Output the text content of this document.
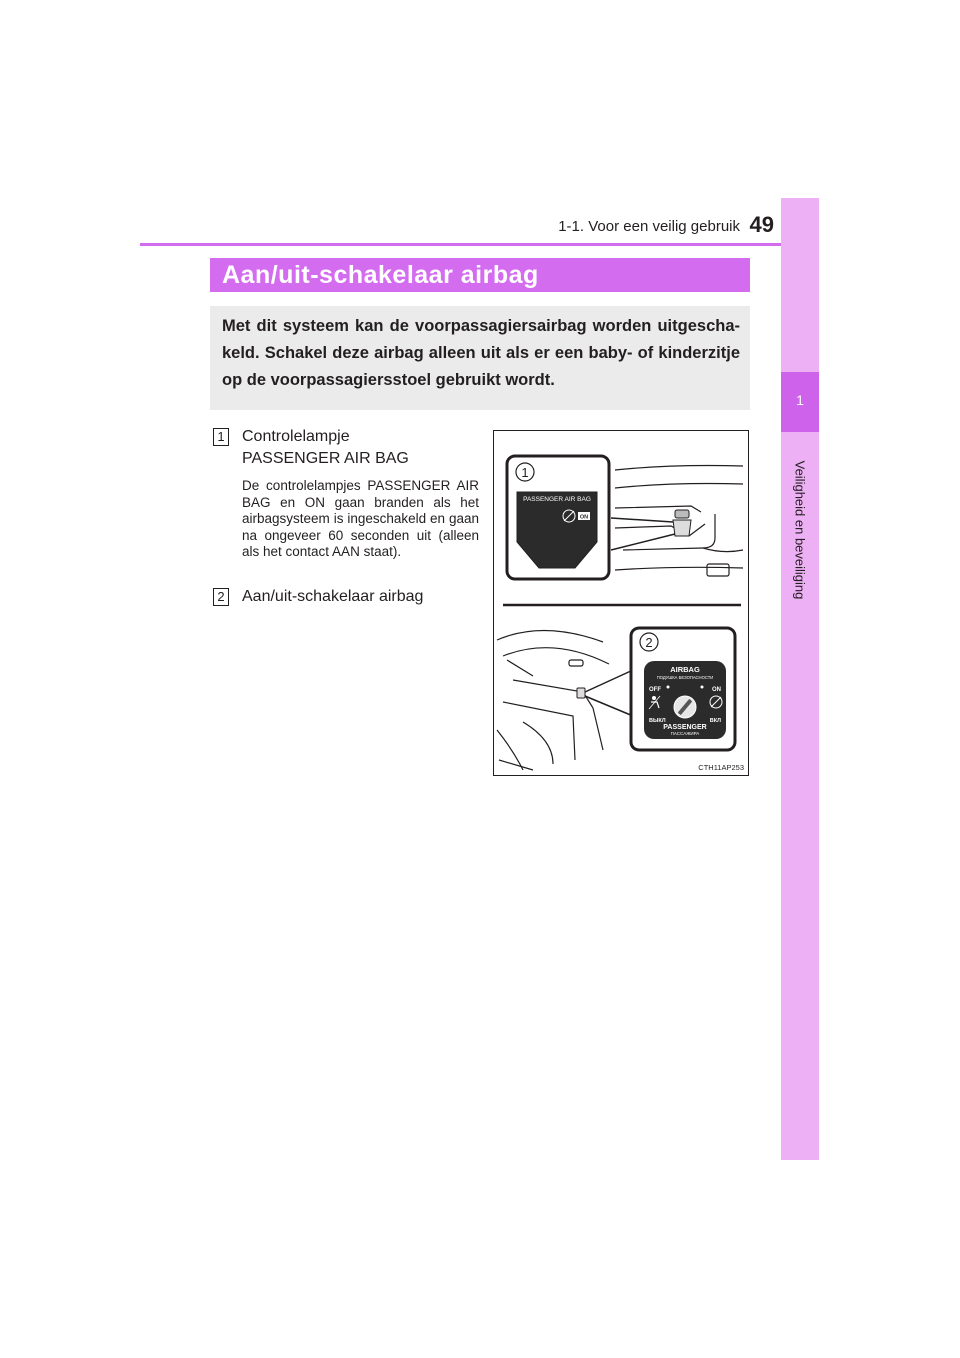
1-1. Voor een veilig gebruik 49
1
Veiligheid en beveiliging
Aan/uit-schakelaar airbag
Met dit systeem kan de voorpassagiersairbag worden uitgescha-keld. Schakel deze airbag alleen uit als er een baby- of kinderzitje op de voorpassagiersstoel gebruikt wordt.
1 Controlelampje
PASSENGER AIR BAG
De controlelampjes PASSENGER AIR BAG en ON gaan branden als het airbagsysteem is ingeschakeld en gaan na ongeveer 60 seconden uit (alleen als het contact AAN staat).
2 Aan/uit-schakelaar airbag
1
PASSENGER AIR BAG
ON
2
AIRBAG
ПОДУШКА БЕЗОПАСНОСТИ
OFF	ON
ВЫКЛ	ВКЛ
PASSENGER
ПАССАЖИРА
CTH11AP253
